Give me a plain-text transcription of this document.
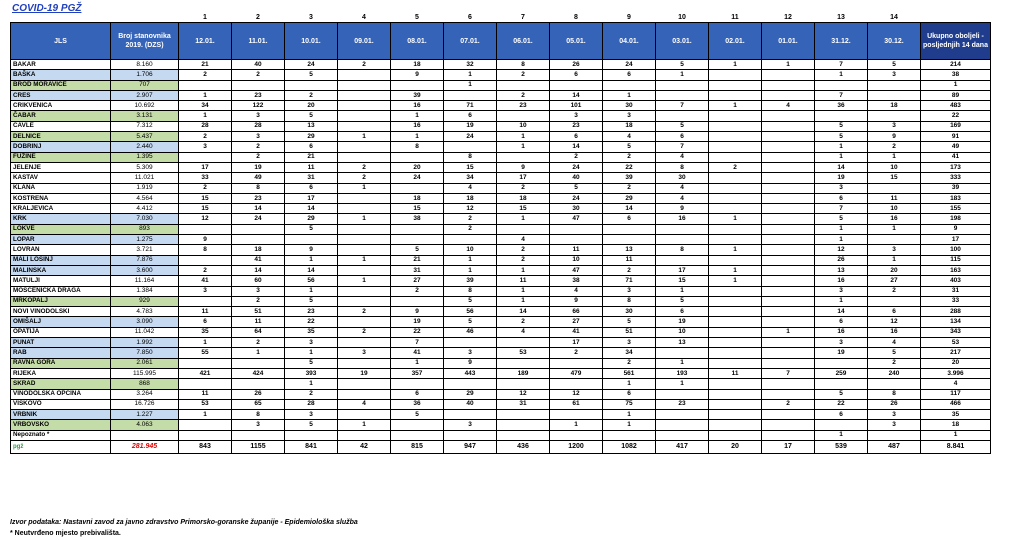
COVID-19 PGŽ
		1	2	3	4	5	6	7	8	9	10	11	12	13	14	
JLS	Broj stanovnika 2019. (DZS)	12.01.	11.01.	10.01.	09.01.	08.01.	07.01.	06.01.	05.01.	04.01.	03.01.	02.01.	01.01.	31.12.	30.12.	Ukupno oboljeli - posljednjih 14 dana
BAKAR	8.160	21	40	24	2	18	32	8	26	24	5	1	1	7	5	214
BAŠKA	1.706	2	2	5		9	1	2	6	6	1			1	3	38
BROD MORAVICE	707						1									1
CRES	2.907	1	23	2		39		2	14	1				7		89
CRIKVENICA	10.692	34	122	20		16	71	23	101	30	7	1	4	36	18	483
ČABAR	3.131	1	3	5		1	6		3	3						22
ČAVLE	7.312	28	28	13		16	19	10	23	18	5			5	3	169
DELNICE	5.437	2	3	29	1	1	24	1	6	4	6			5	9	91
DOBRINJ	2.440	3	2	6		8		1	14	5	7			1	2	49
FUŽINE	1.395		2	21			8		2	2	4			1	1	41
JELENJE	5.309	17	19	11	2	20	15	9	24	22	8	2		14	10	173
KASTAV	11.021	33	49	31	2	24	34	17	40	39	30			19	15	333
KLANA	1.919	2	8	6	1		4	2	5	2	4			3		39
KOSTRENA	4.564	15	23	17		18	18	18	24	29	4			6	11	183
KRALJEVICA	4.412	15	14	14		15	12	15	30	14	9			7	10	155
KRK	7.030	12	24	29	1	38	2	1	47	6	16	1		5	16	198
LOKVE	893			5			2							1	1	9
LOPAR	1.275	9						4						1		17
LOVRAN	3.721	8	18	9		5	10	2	11	13	8	1		12	3	100
MALI LOŠINJ	7.876		41	1	1	21	1	2	10	11				26	1	115
MALINSKA	3.600	2	14	14		31	1	1	47	2	17	1		13	20	163
MATULJI	11.164	41	60	56	1	27	39	11	38	71	15	1		16	27	403
MOŠĆENIČKA DRAGA	1.384	3	3	1		2	8	1	4	3	1			3	2	31
MRKOPALJ	929		2	5			5	1	9	8	5			1		33
NOVI VINODOLSKI	4.783	11	51	23	2	9	56	14	66	30	6			14	6	288
OMIŠALJ	3.090	6	11	22		19	5	2	27	5	19			6	12	134
OPATIJA	11.042	35	64	35	2	22	46	4	41	51	10		1	16	16	343
PUNAT	1.992	1	2	3		7			17	3	13			3	4	53
RAB	7.850	55	1	1	3	41	3	53	2	34				19	5	217
RAVNA GORA	2.061			5		1	9			2	1				2	20
RIJEKA	115.995	421	424	393	19	357	443	189	479	561	193	11	7	259	240	3.996
SKRAD	868			1						1	1					4
VINODOLSKA OPĆINA	3.264	11	26	2		6	29	12	12	6				5	8	117
VIŠKOVO	16.726	53	65	28	4	36	40	31	61	75	23		2	22	26	466
VRBNIK	1.227	1	8	3		5				1				6	3	35
VRBOVSKO	4.063		3	5	1		3		1	1					3	18
Nepoznato *														1		1
pgž	281.945	843	1155	841	42	815	947	436	1200	1082	417	20	17	539	487	8.841
Izvor podataka: Nastavni zavod za javno zdravstvo Primorsko-goranske županije - Epidemiološka služba
* Neutvrđeno mjesto prebivališta.
